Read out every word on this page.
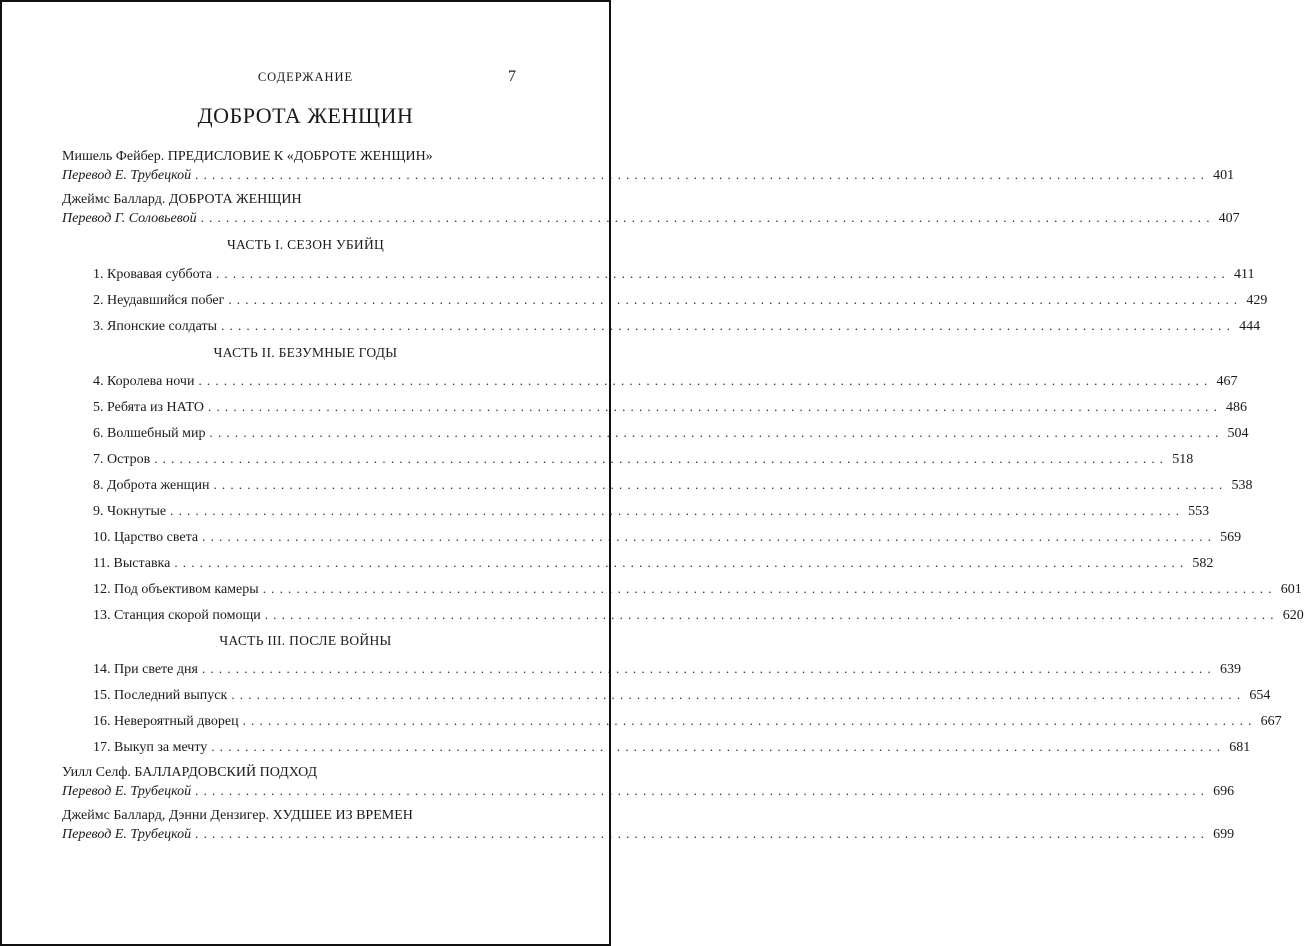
СОДЕРЖАНИЕ	7
ДОБРОТА ЖЕНЩИН
Мишель Фейбер. ПРЕДИСЛОВИЕ К «ДОБРОТЕ ЖЕНЩИН»
Перевод Е. Трубецкой ........................................................................................................................ 401
Джеймс Баллард. ДОБРОТА ЖЕНЩИН
Перевод Г. Соловьевой ........................................................................................................................ 407
ЧАСТЬ I. СЕЗОН УБИЙЦ
1. Кровавая суббота ........................................................................................................................ 411
2. Неудавшийся побег ........................................................................................................................ 429
3. Японские солдаты ........................................................................................................................ 444
ЧАСТЬ II. БЕЗУМНЫЕ ГОДЫ
4. Королева ночи ........................................................................................................................ 467
5. Ребята из НАТО ........................................................................................................................ 486
6. Волшебный мир ........................................................................................................................ 504
7. Остров ........................................................................................................................ 518
8. Доброта женщин ........................................................................................................................ 538
9. Чокнутые ........................................................................................................................ 553
10. Царство света ........................................................................................................................ 569
11. Выставка ........................................................................................................................ 582
12. Под объективом камеры ........................................................................................................................ 601
13. Станция скорой помощи ........................................................................................................................ 620
ЧАСТЬ III. ПОСЛЕ ВОЙНЫ
14. При свете дня ........................................................................................................................ 639
15. Последний выпуск ........................................................................................................................ 654
16. Невероятный дворец ........................................................................................................................ 667
17. Выкуп за мечту ........................................................................................................................ 681
Уилл Селф. БАЛЛАРДОВСКИЙ ПОДХОД
Перевод Е. Трубецкой ........................................................................................................................ 696
Джеймс Баллард, Дэнни Дензигер. ХУДШЕЕ ИЗ ВРЕМЕН
Перевод Е. Трубецкой ........................................................................................................................ 699
